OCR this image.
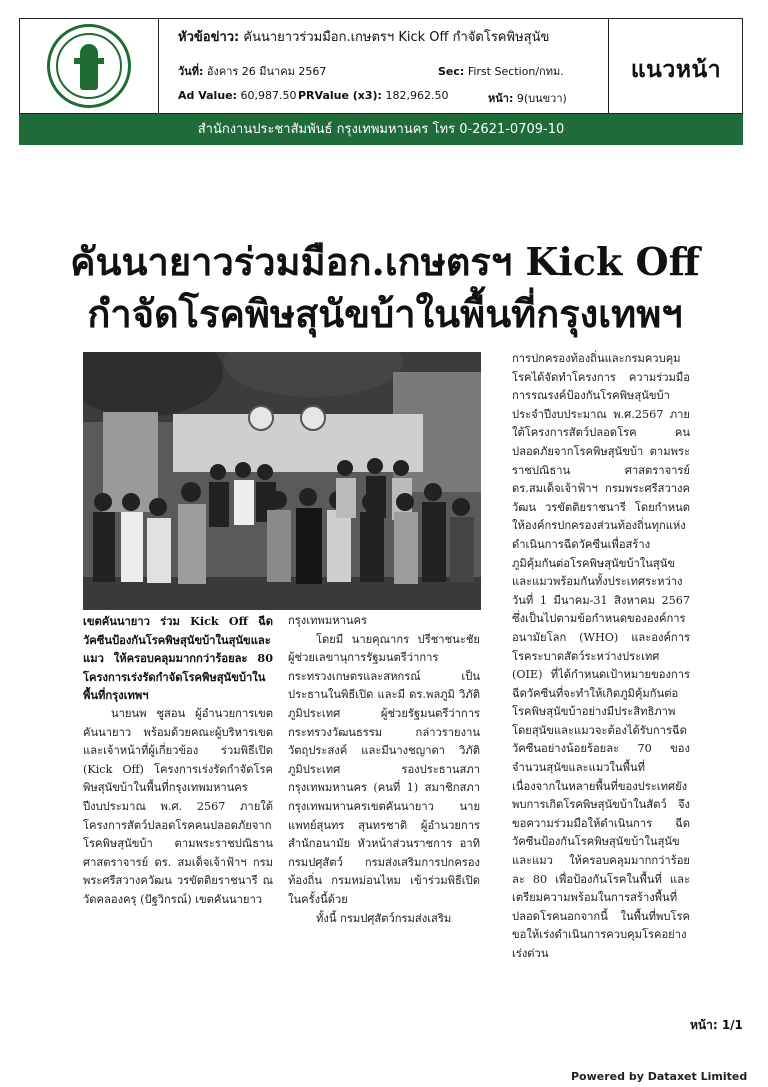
หัวข้อข่าว: คันนายาวร่วมมือก.เกษตรฯ Kick Off กำจัดโรคพิษสุนัข
วันที่: อังคาร 26 มีนาคม 2567	Sec: First Section/กทม.
Ad Value: 60,987.50 PRValue (x3): 182,962.50	หน้า: 9(บนขวา)
แนวหน้า
สำนักงานประชาสัมพันธ์ กรุงเทพมหานคร โทร 0-2621-0709-10
คันนายาวร่วมมือก.เกษตรฯ Kick Off
กำจัดโรคพิษสุนัขบ้าในพื้นที่กรุงเทพฯ

เขตคันนายาว ร่วม Kick Off ฉีดวัคซีนป้องกันโรคพิษสุนัขบ้าในสุนัขและแมว ให้ครอบคลุมมากกว่าร้อยละ 80 โครงการเร่งรัดกำจัดโรคพิษสุนัขบ้าในพื้นที่กรุงเทพฯ

นายนพ ชูสอน ผู้อำนวยการเขตคันนายาว พร้อมด้วยคณะผู้บริหารเขต และเจ้าหน้าที่ผู้เกี่ยวข้อง ร่วมพิธีเปิด (Kick Off) โครงการเร่งรัดกำจัดโรคพิษสุนัขบ้าในพื้นที่กรุงเทพมหานคร ปีงบประมาณ พ.ศ. 2567 ภายใต้โครงการสัตว์ปลอดโรคคนปลอดภัยจากโรคพิษสุนัขบ้า ตามพระราชปณิธาน ศาสตราจารย์ ดร. สมเด็จเจ้าฟ้าฯ กรมพระศรีสวางควัฒน วรขัตติยราชนารี ณ วัดคลองครุ (ปัฐวิกรณ์) เขตคันนายาว

กรุงเทพมหานคร

โดยมี นายคุณากร ปรีชาชนะชัย ผู้ช่วยเลขานุการรัฐมนตรีว่าการกระทรวงเกษตรและสหกรณ์ เป็นประธานในพิธีเปิด และมี ดร.พลภูมิ วิภัติภูมิประเทศ ผู้ช่วยรัฐมนตรีว่าการกระทรวงวัฒนธรรม กล่าวรายงาน วัตถุประสงค์ และมีนางชญาดา วิภัติภูมิประเทศ รองประธานสภากรุงเทพมหานคร (คนที่ 1) สมาชิกสภากรุงเทพมหานครเขตคันนายาว นายแพทย์สุนทร สุนทรชาติ ผู้อำนวยการสำนักอนามัย หัวหน้าส่วนราชการ อาทิ กรมปศุสัตว์ กรมส่งเสริมการปกครองท้องถิ่น กรมหม่อนไหม เข้าร่วมพิธีเปิดในครั้งนี้ด้วย

ทั้งนี้ กรมปศุสัตว์กรมส่งเสริม

การปกครองท้องถิ่นและกรมควบคุมโรคได้จัดทำโครงการ ความร่วมมือการรณรงค์ป้องกันโรคพิษสุนัขบ้าประจำปีงบประมาณ พ.ศ.2567 ภายใต้โครงการสัตว์ปลอดโรค คนปลอดภัยจากโรคพิษสุนัขบ้า ตามพระราชปณิธาน ศาสตราจารย์ ดร.สมเด็จเจ้าฟ้าฯ กรมพระศรีสวางควัฒน วรขัตติยราชนารี โดยกำหนดให้องค์กรปกครองส่วนท้องถิ่นทุกแห่งดำเนินการฉีดวัคซีนเพื่อสร้างภูมิคุ้มกันต่อโรคพิษสุนัขบ้าในสุนัขและแมวพร้อมกันทั้งประเทศระหว่างวันที่ 1 มีนาคม-31 สิงหาคม 2567 ซึ่งเป็นไปตามข้อกำหนดขององค์การอนามัยโลก (WHO) และองค์การโรคระบาดสัตว์ระหว่างประเทศ (OIE) ที่ได้กำหนดเป้าหมายของการฉีดวัคซีนที่จะทำให้เกิดภูมิคุ้มกันต่อโรคพิษสุนัขบ้าอย่างมีประสิทธิภาพ โดยสุนัขและแมวจะต้องได้รับการฉีดวัคซีนอย่างน้อยร้อยละ 70 ของจำนวนสุนัขและแมวในพื้นที่ เนื่องจากในหลายพื้นที่ของประเทศยังพบการเกิดโรคพิษสุนัขบ้าในสัตว์ จึงขอความร่วมมือให้ดำเนินการ ฉีดวัคซีนป้องกันโรคพิษสุนัขบ้าในสุนัขและแมว ให้ครอบคลุมมากกว่าร้อยละ 80 เพื่อป้องกันโรคในพื้นที่ และเตรียมความพร้อมในการสร้างพื้นที่ปลอดโรคนอกจากนี้ ในพื้นที่พบโรคขอให้เร่งดำเนินการควบคุมโรคอย่างเร่งด่วน

หน้า: 1/1
Powered by Dataxet Limited
